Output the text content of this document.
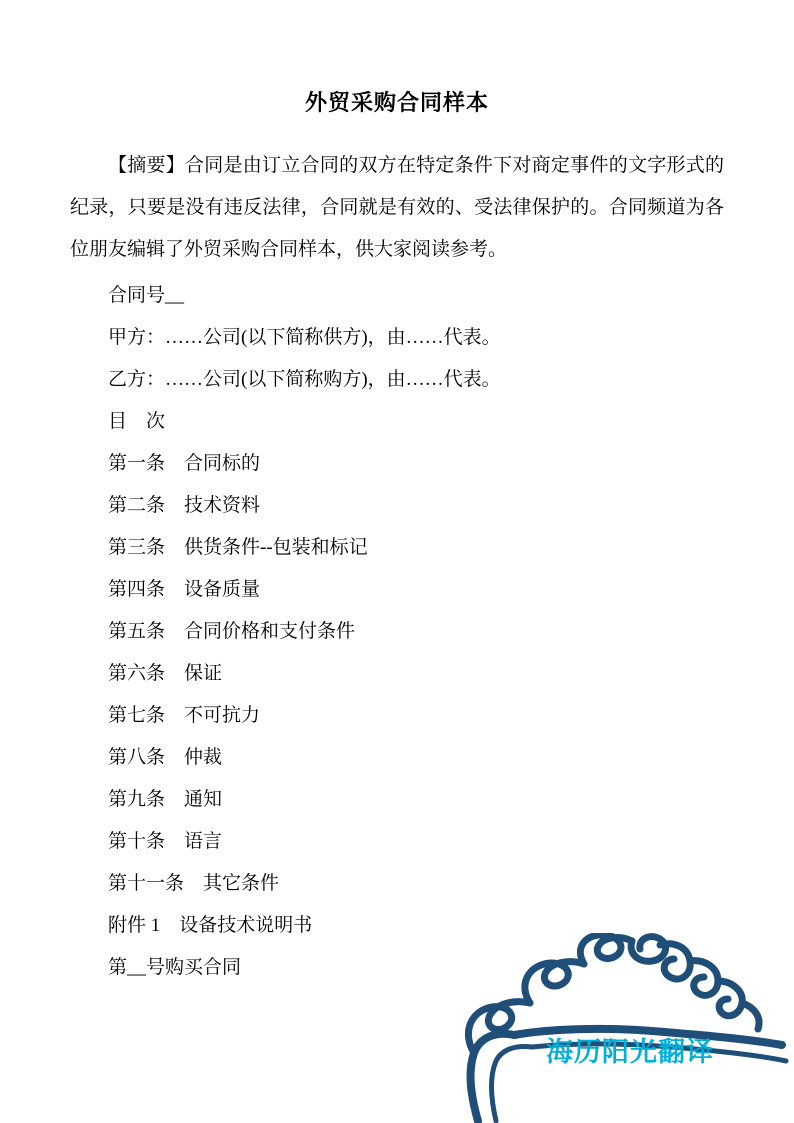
外贸采购合同样本

【摘要】合同是由订立合同的双方在特定条件下对商定事件的文字形式的纪录，只要是没有违反法律，合同就是有效的、受法律保护的。合同频道为各位朋友编辑了外贸采购合同样本，供大家阅读参考。

合同号__

甲方：……公司(以下简称供方)，由……代表。

乙方：……公司(以下简称购方)，由……代表。

目    次

第一条    合同标的

第二条    技术资料

第三条    供货条件--包装和标记

第四条    设备质量

第五条    合同价格和支付条件

第六条    保证

第七条    不可抗力

第八条    仲裁

第九条    通知

第十条    语言

第十一条    其它条件

附件 1    设备技术说明书

第__号购买合同

海历阳光翻译
